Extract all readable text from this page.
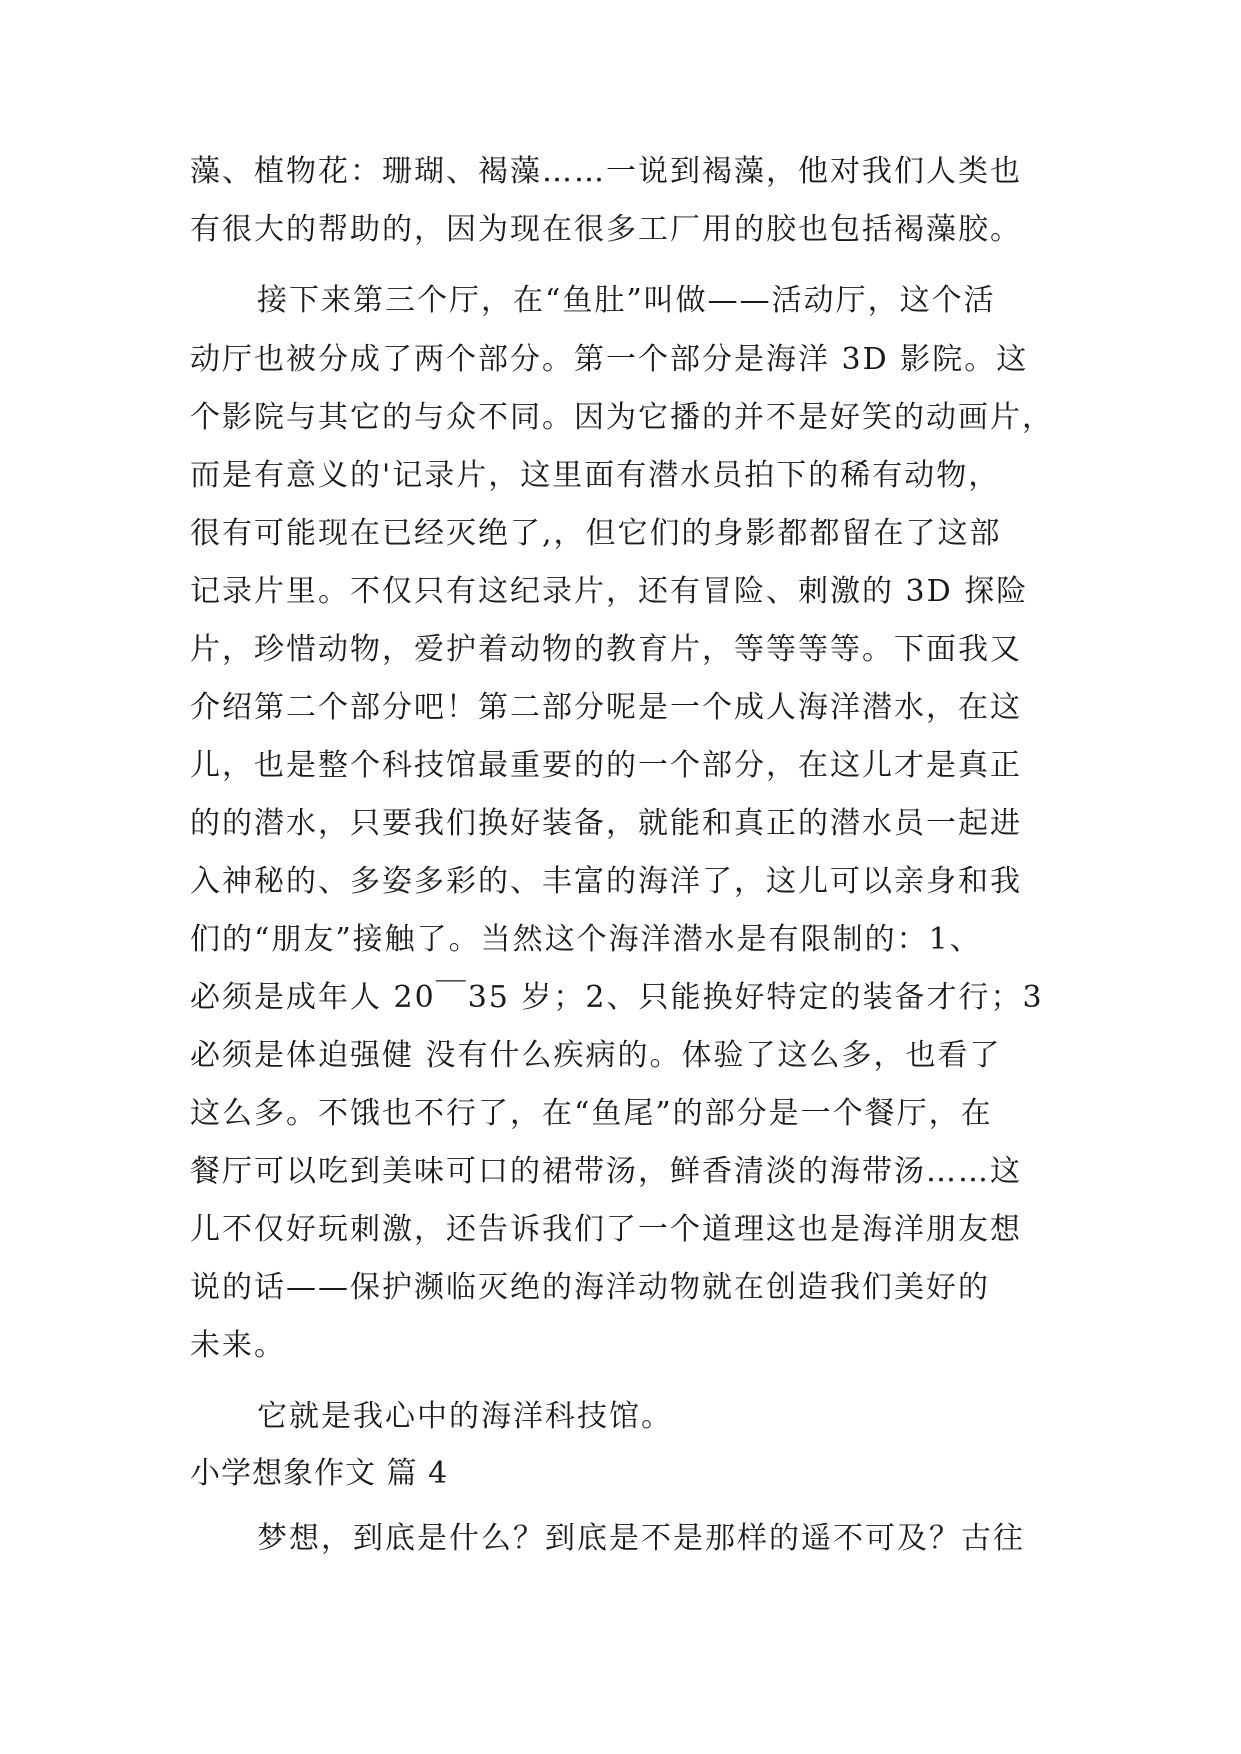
藻、植物花：珊瑚、褐藻……一说到褐藻，他对我们人类也
有很大的帮助的，因为现在很多工厂用的胶也包括褐藻胶。
接下来第三个厅，在“鱼肚”叫做——活动厅，这个活
动厅也被分成了两个部分。第一个部分是海洋 3D 影院。这
个影院与其它的与众不同。因为它播的并不是好笑的动画片，
而是有意义的'记录片，这里面有潜水员拍下的稀有动物，
很有可能现在已经灭绝了,，但它们的身影都都留在了这部
记录片里。不仅只有这纪录片，还有冒险、刺激的 3D 探险
片，珍惜动物，爱护着动物的教育片，等等等等。下面我又
介绍第二个部分吧！第二部分呢是一个成人海洋潜水，在这
儿，也是整个科技馆最重要的的一个部分，在这儿才是真正
的的潜水，只要我们换好装备，就能和真正的潜水员一起进
入神秘的、多姿多彩的、丰富的海洋了，这儿可以亲身和我
们的“朋友”接触了。当然这个海洋潜水是有限制的：1、
必须是成年人 20￣35 岁；2、只能换好特定的装备才行；3
必须是体迫强健 没有什么疾病的。体验了这么多，也看了
这么多。不饿也不行了，在“鱼尾”的部分是一个餐厅，在
餐厅可以吃到美味可口的裙带汤，鲜香清淡的海带汤……这
儿不仅好玩刺激，还告诉我们了一个道理这也是海洋朋友想
说的话——保护濒临灭绝的海洋动物就在创造我们美好的
未来。
它就是我心中的海洋科技馆。
小学想象作文 篇 4
梦想，到底是什么？到底是不是那样的遥不可及？古往
